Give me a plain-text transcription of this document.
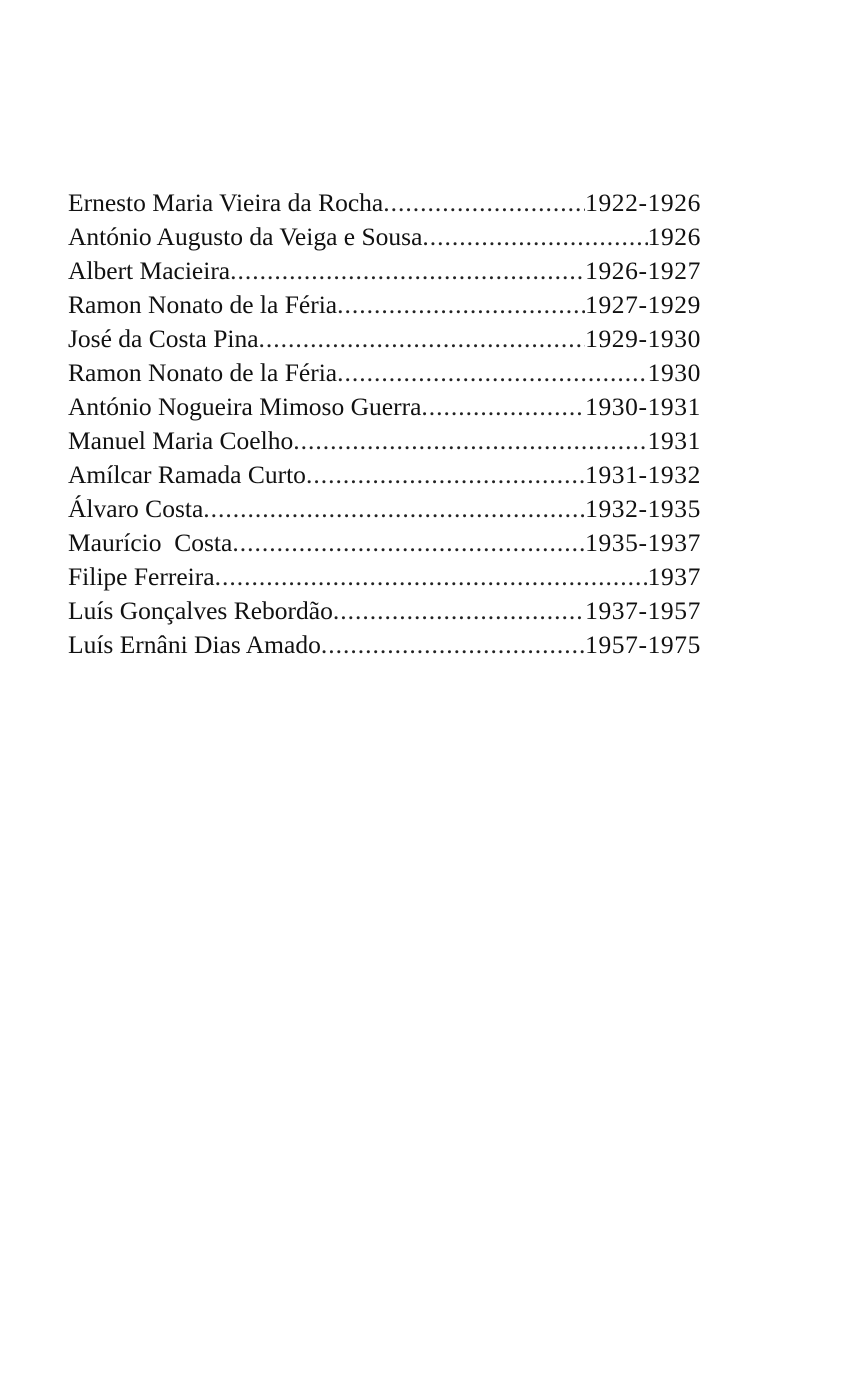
Ernesto Maria Vieira da Rocha .....	1922-1926
António Augusto da Veiga e Sousa .....	1926
Albert Macieira .....	1926-1927
Ramon Nonato de la Féria .....	1927-1929
José da Costa Pina .....	1929-1930
Ramon Nonato de la Féria .....	1930
António Nogueira Mimoso Guerra .....	1930-1931
Manuel Maria Coelho .....	1931
Amílcar Ramada Curto .....	1931-1932
Álvaro Costa .....	1932-1935
Maurício  Costa .....	1935-1937
Filipe Ferreira .....	1937
Luís Gonçalves Rebordão .....	1937-1957
Luís Ernâni Dias Amado .....	1957-1975
